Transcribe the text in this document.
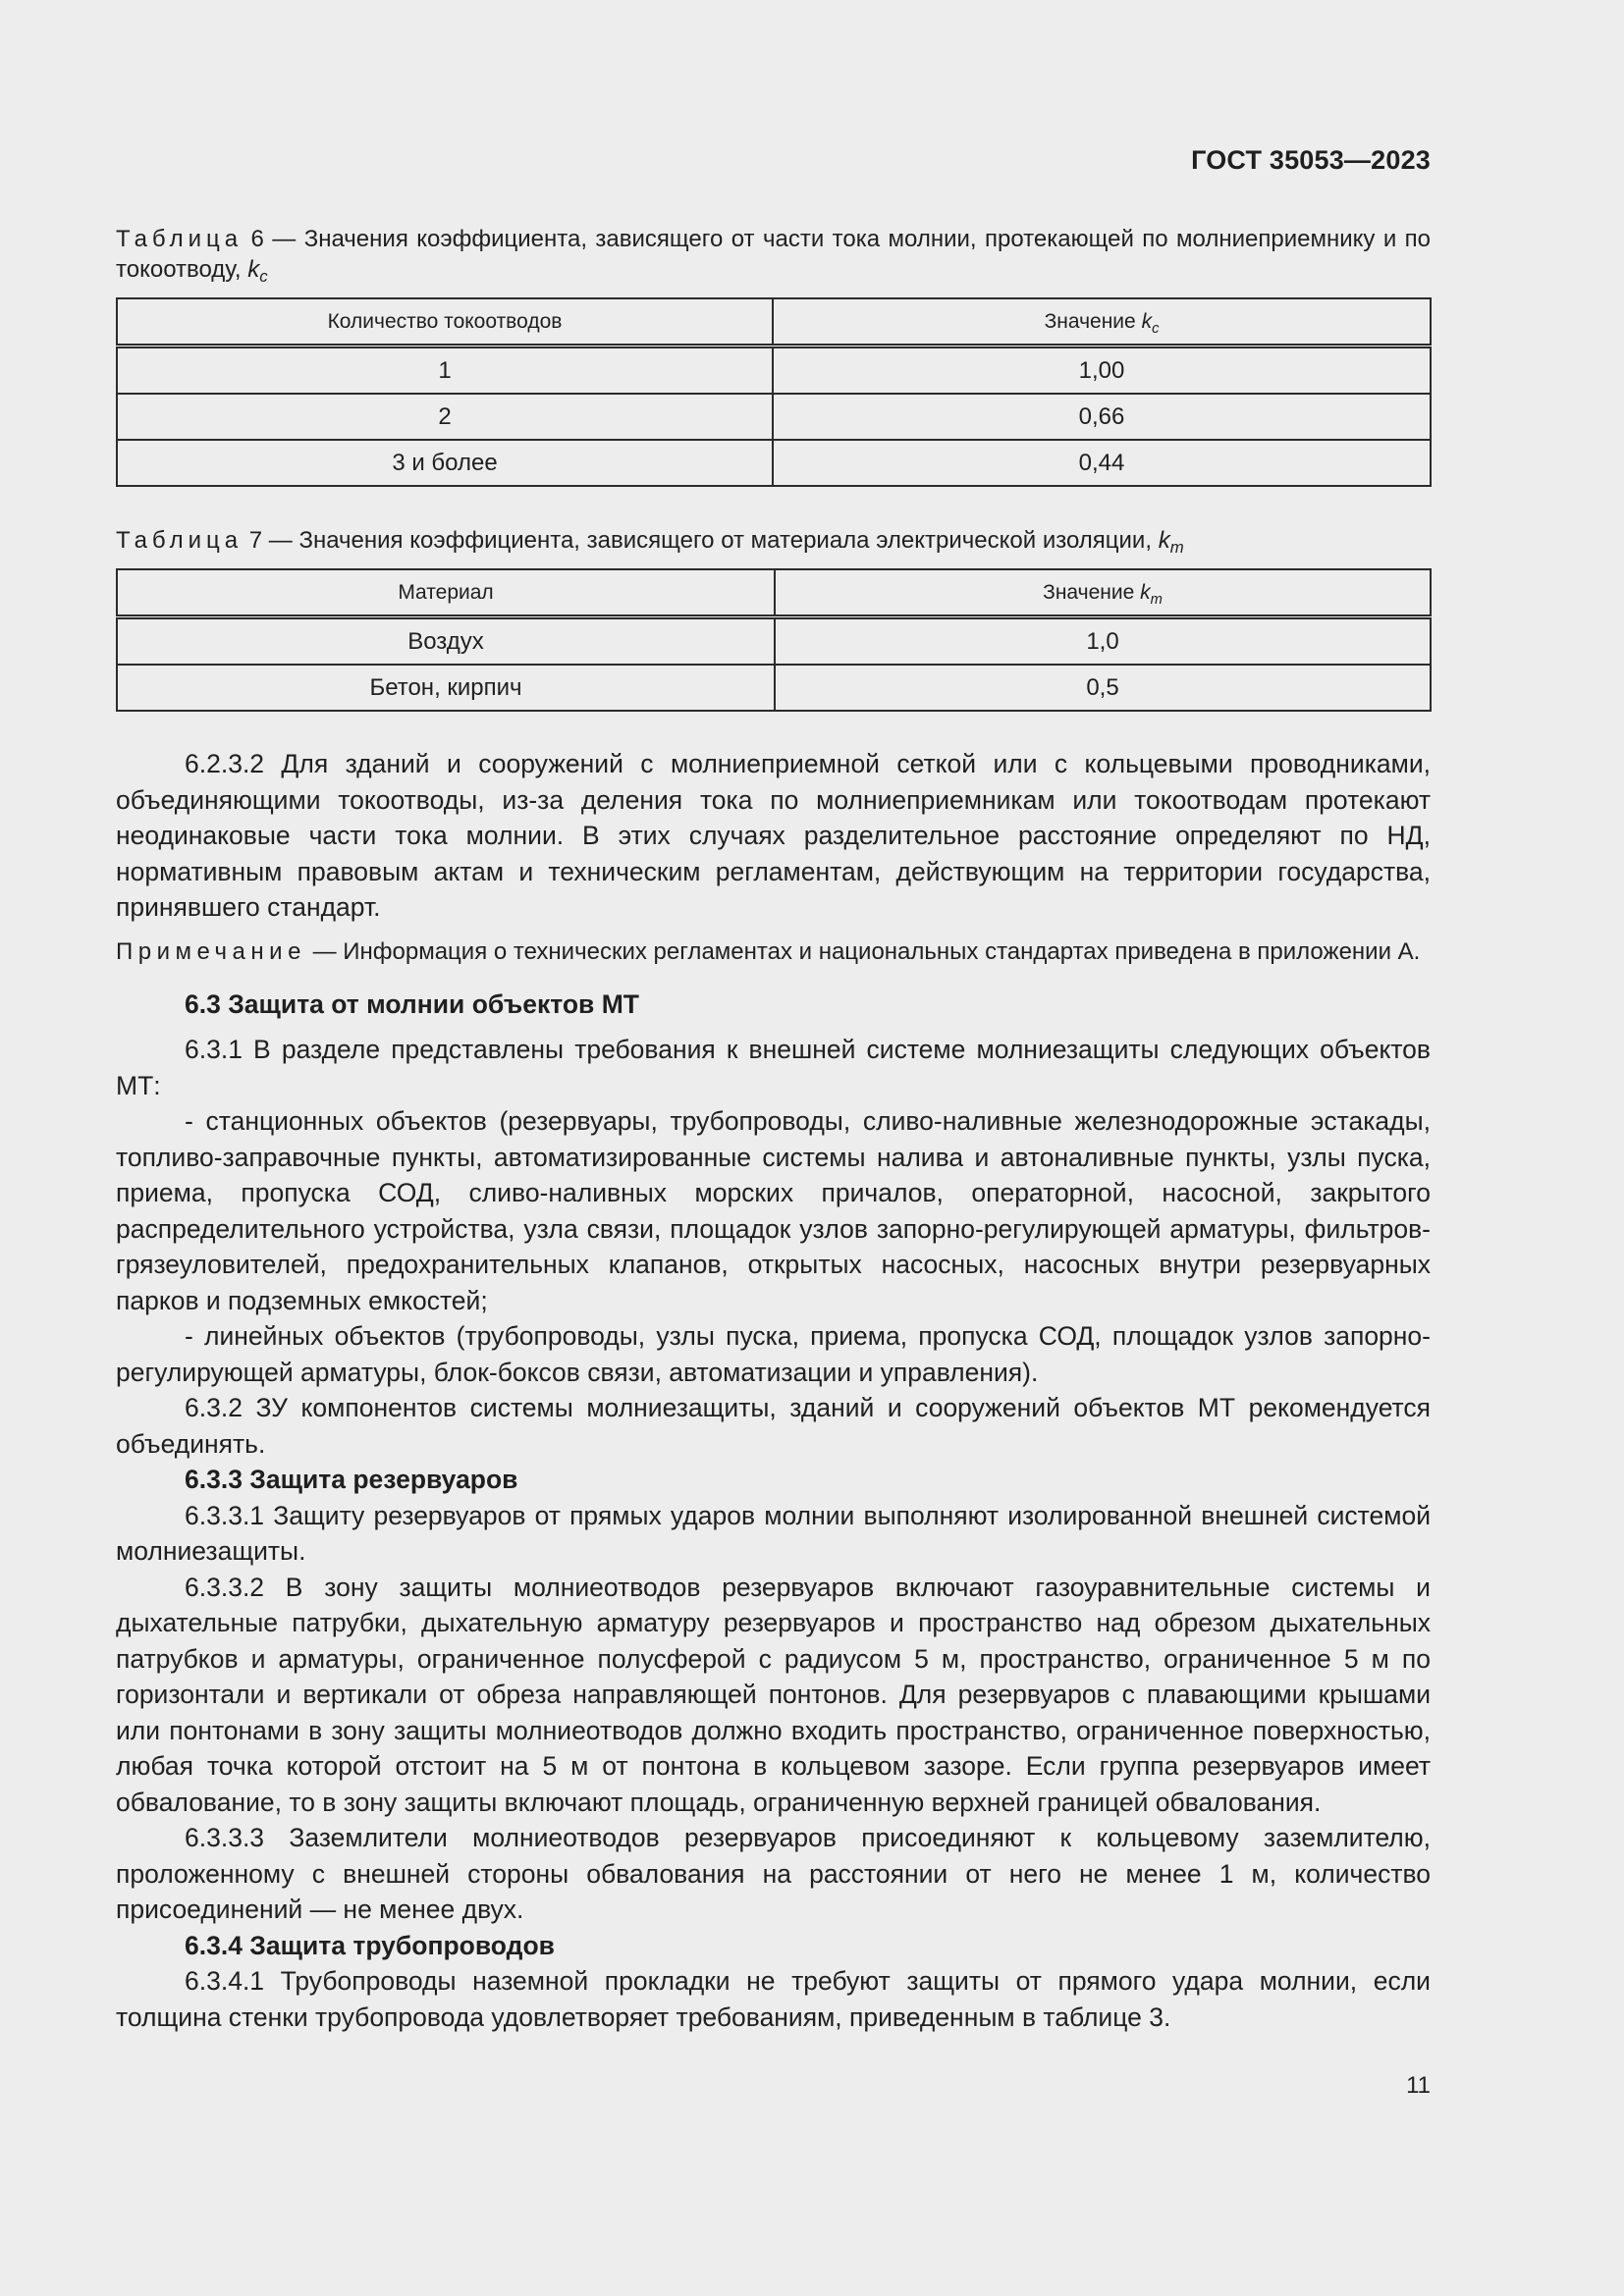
ГОСТ 35053—2023
Таблица 6 — Значения коэффициента, зависящего от части тока молнии, протекающей по молниеприемнику и по токоотводу, $k_c$
Количество токоотводов	Значение $k_c$
1	1,00
2	0,66
3 и более	0,44
Таблица 7 — Значения коэффициента, зависящего от материала электрической изоляции, $k_m$
Материал	Значение $k_m$
Воздух	1,0
Бетон, кирпич	0,5

6.2.3.2 Для зданий и сооружений с молниеприемной сеткой или с кольцевыми проводниками, объединяющими токоотводы, из-за деления тока по молниеприемникам или токоотводам протекают неодинаковые части тока молнии. В этих случаях разделительное расстояние определяют по НД, нормативным правовым актам и техническим регламентам, действующим на территории государства, принявшего стандарт.

Примечание — Информация о технических регламентах и национальных стандартах приведена в приложении А.

6.3 Защита от молнии объектов МТ

6.3.1 В разделе представлены требования к внешней системе молниезащиты следующих объектов МТ:

- станционных объектов (резервуары, трубопроводы, сливо-наливные железнодорожные эстакады, топливо-заправочные пункты, автоматизированные системы налива и автоналивные пункты, узлы пуска, приема, пропуска СОД, сливо-наливных морских причалов, операторной, насосной, закрытого распределительного устройства, узла связи, площадок узлов запорно-регулирующей арматуры, фильтров-грязеуловителей, предохранительных клапанов, открытых насосных, насосных внутри резервуарных парков и подземных емкостей;

- линейных объектов (трубопроводы, узлы пуска, приема, пропуска СОД, площадок узлов запорно-регулирующей арматуры, блок-боксов связи, автоматизации и управления).

6.3.2 ЗУ компонентов системы молниезащиты, зданий и сооружений объектов МТ рекомендуется объединять.

6.3.3 Защита резервуаров

6.3.3.1 Защиту резервуаров от прямых ударов молнии выполняют изолированной внешней системой молниезащиты.

6.3.3.2 В зону защиты молниеотводов резервуаров включают газоуравнительные системы и дыхательные патрубки, дыхательную арматуру резервуаров и пространство над обрезом дыхательных патрубков и арматуры, ограниченное полусферой с радиусом 5 м, пространство, ограниченное 5 м по горизонтали и вертикали от обреза направляющей понтонов. Для резервуаров с плавающими крышами или понтонами в зону защиты молниеотводов должно входить пространство, ограниченное поверхностью, любая точка которой отстоит на 5 м от понтона в кольцевом зазоре. Если группа резервуаров имеет обвалование, то в зону защиты включают площадь, ограниченную верхней границей обвалования.

6.3.3.3 Заземлители молниеотводов резервуаров присоединяют к кольцевому заземлителю, проложенному с внешней стороны обвалования на расстоянии от него не менее 1 м, количество присоединений — не менее двух.

6.3.4 Защита трубопроводов

6.3.4.1 Трубопроводы наземной прокладки не требуют защиты от прямого удара молнии, если толщина стенки трубопровода удовлетворяет требованиям, приведенным в таблице 3.

11
